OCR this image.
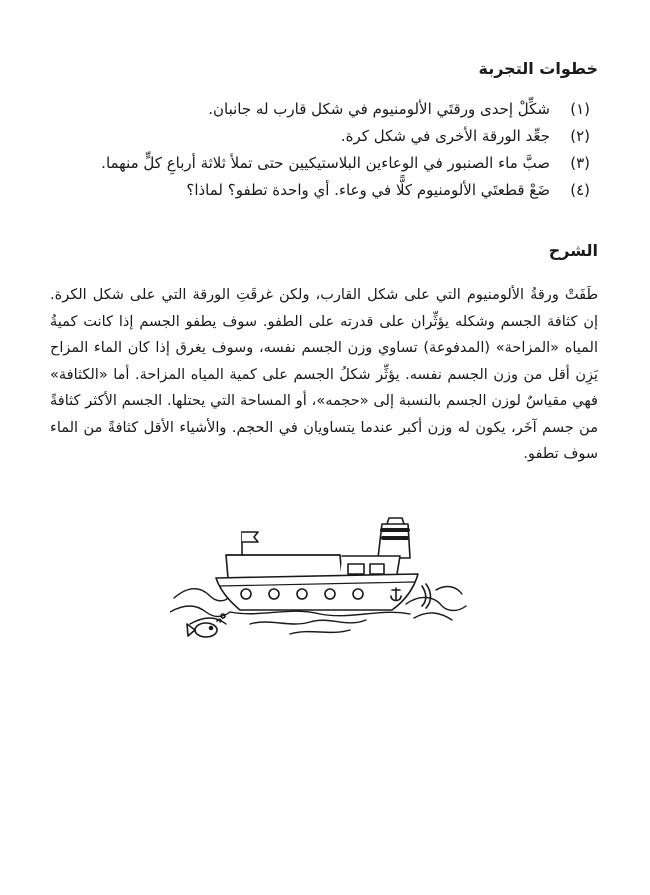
خطوات التجربة
(١)
شكِّلْ إحدى ورقتَي الألومنيوم في شكل قارب له جانبان.
(٢)
جعِّد الورقة الأخرى في شكل كرة.
(٣)
صبَّ ماء الصنبور في الوعاءين البلاستيكيين حتى تملأ ثلاثة أرباعِ كلٍّ منهما.
(٤)
ضَعْ قطعتَي الألومنيوم كلًّا في وعاء. أي واحدة تطفو؟ لماذا؟
الشرح

طَفَتْ ورقةُ الألومنيوم التي على شكل القارب، ولكن غرقَتِ الورقة التي على شكل الكرة. إن كثافة الجسم وشكله يؤثِّران على قدرته على الطفو. سوف يطفو الجسم إذا كانت كميةُ المياه «المزاحة» (المدفوعة) تساوي وزن الجسم نفسه، وسوف يغرق إذا كان الماء المزاح يَزِن أقل من وزن الجسم نفسه. يؤثِّر شكلُ الجسم على كمية المياه المزاحة. أما «الكثافة» فهي مقياسٌ لوزن الجسم بالنسبة إلى «حجمه»، أو المساحة التي يحتلها. الجسم الأكثر كثافةً من جسم آخَر، يكون له وزن أكبر عندما يتساويان في الحجم. والأشياء الأقل كثافةً من الماء سوف تطفو.
